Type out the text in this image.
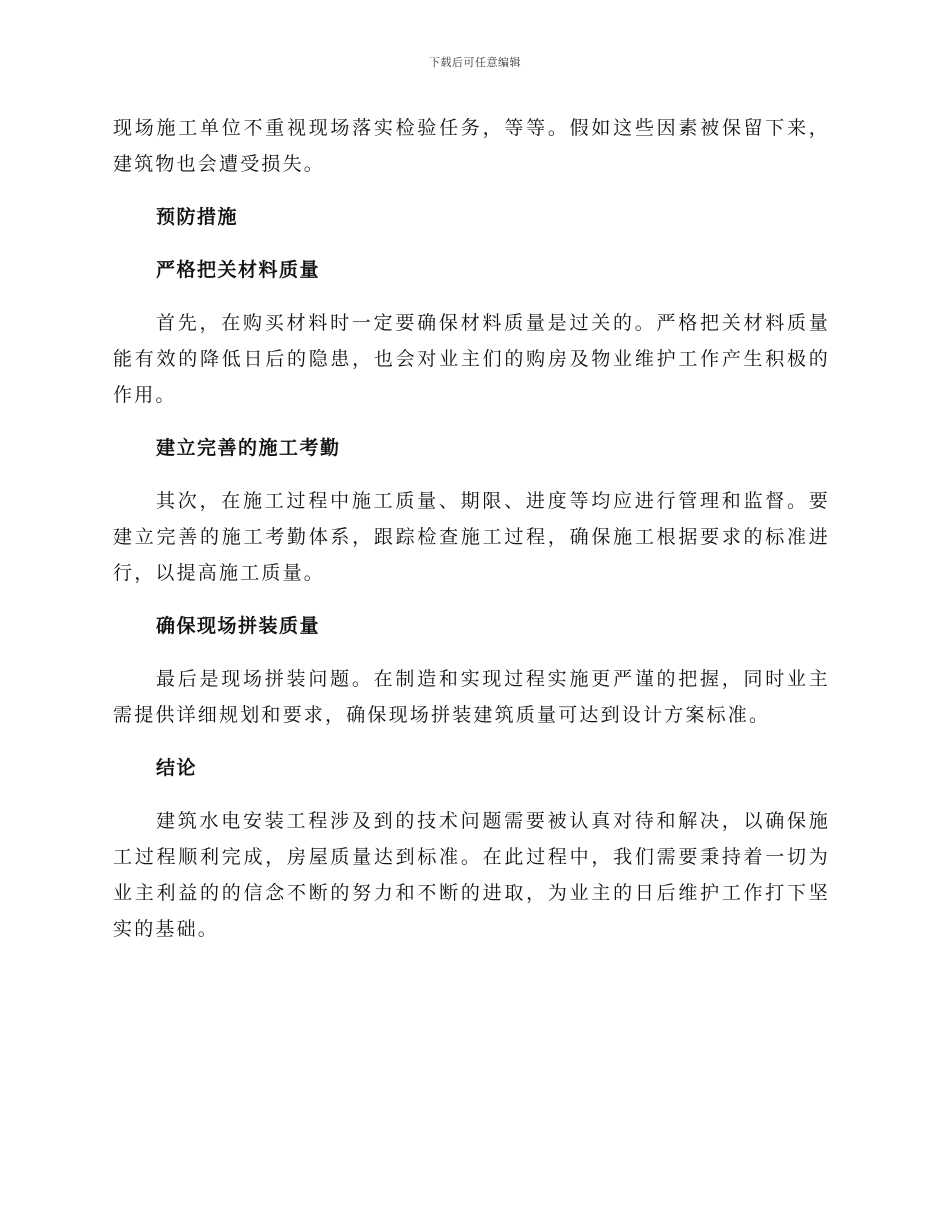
下载后可任意编辑

现场施工单位不重视现场落实检验任务，等等。假如这些因素被保留下来，建筑物也会遭受损失。

预防措施

严格把关材料质量

首先，在购买材料时一定要确保材料质量是过关的。严格把关材料质量能有效的降低日后的隐患，也会对业主们的购房及物业维护工作产生积极的作用。

建立完善的施工考勤

其次，在施工过程中施工质量、期限、进度等均应进行管理和监督。要建立完善的施工考勤体系，跟踪检查施工过程，确保施工根据要求的标准进行，以提高施工质量。

确保现场拼装质量

最后是现场拼装问题。在制造和实现过程实施更严谨的把握，同时业主需提供详细规划和要求，确保现场拼装建筑质量可达到设计方案标准。

结论

建筑水电安装工程涉及到的技术问题需要被认真对待和解决，以确保施工过程顺利完成，房屋质量达到标准。在此过程中，我们需要秉持着一切为业主利益的的信念不断的努力和不断的进取，为业主的日后维护工作打下坚实的基础。
